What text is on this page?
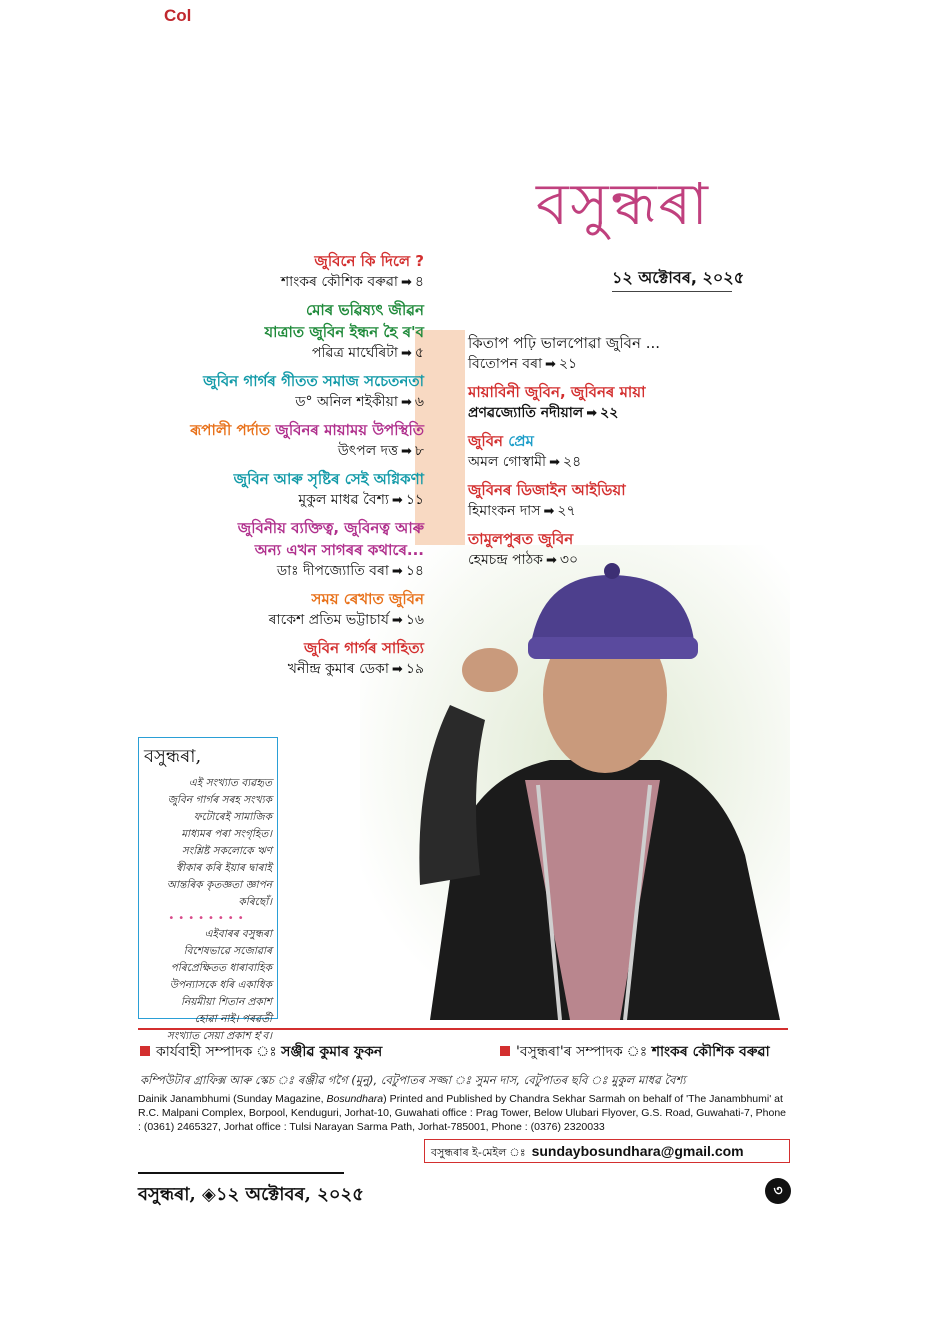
Col
বসুন্ধৰা
১২ অক্টোবৰ, ২০২৫
জুবিনে কি দিলে ?
শাংকৰ কৌশিক বৰুৱা ➡ ৪
মোৰ ভৱিষ্যৎ জীৱন
যাত্ৰাত জুবিন ইন্ধন হৈ ৰ'ব
পৱিত্ৰ মাৰ্ঘেৰিটা ➡ ৫
জুবিন গাৰ্গৰ গীতত সমাজ সচেতনতা
ড° অনিল শইকীয়া ➡ ৬
ৰূপালী পৰ্দাত জুবিনৰ মায়াময় উপস্থিতি
উৎপল দত্ত ➡ ৮
জুবিন আৰু সৃষ্টিৰ সেই অগ্নিকণা
মুকুল মাধৱ বৈশ্য ➡ ১১
জুবিনীয় ব্যক্তিত্ব, জুবিনত্ব আৰু
অন্য এখন সাগৰৰ কথাৰে...
ডাঃ দীপজ্যোতি বৰা ➡ ১৪
সময় ৰেখাত জুবিন
ৰাকেশ প্ৰতিম ভট্টাচাৰ্য ➡ ১৬
জুবিন গাৰ্গৰ সাহিত্য
খনীন্দ্ৰ কুমাৰ ডেকা ➡ ১৯
কিতাপ পঢ়ি ভালপোৱা জুবিন ...
বিতোপন বৰা ➡ ২১
মায়াবিনী জুবিন, জুবিনৰ মায়া
প্ৰণৱজ্যোতি নদীয়াল ➡ ২২
জুবিন প্ৰেম
অমল গোস্বামী ➡ ২৪
জুবিনৰ ডিজাইন আইডিয়া
হিমাংকন দাস ➡ ২৭
তামুলপুৰত জুবিন
হেমচন্দ্ৰ পাঠক ➡ ৩০
বসুন্ধৰা,
এই সংখ্যাত ব্যৱহৃত
জুবিন গাৰ্গৰ সৰহ সংখ্যক
ফটোৰেই সামাজিক
মাধ্যমৰ পৰা সংগৃহিত।
সংশ্লিষ্ট সকলোকে ঋণ
স্বীকাৰ কৰি ইয়াৰ দ্বাৰাই
আন্তৰিক কৃতজ্ঞতা জ্ঞাপন
কৰিছোঁ।
••••••••
এইবাৰৰ বসুন্ধৰা
বিশেষভাৱে সজোৱাৰ
পৰিপ্ৰেক্ষিতত ধাৰাবাহিক
উপন্যাসকে ধৰি একাধিক
নিয়মীয়া শিতান প্ৰকাশ
হোৱা নাই। পৰৱৰ্তী
সংখ্যাত সেয়া প্ৰকাশ হ'ব।
কাৰ্যবাহী সম্পাদক ঃ সঞ্জীৱ কুমাৰ ফুকন	'বসুন্ধৰা'ৰ সম্পাদক ঃ শাংকৰ কৌশিক বৰুৱা
কম্পিউটাৰ গ্ৰাফিক্স আৰু স্কেচ ঃ ৰঞ্জীৱ গগৈ (মুনু), বেটুপাতৰ সজ্জা ঃ সুমন দাস, বেটুপাতৰ ছবি ঃ মুকুল মাধৱ বৈশ্য
Dainik Janambhumi (Sunday Magazine, Bosundhara) Printed and Published by Chandra Sekhar Sarmah on behalf of 'The Janambhumi' at R.C. Malpani Complex, Borpool, Kenduguri, Jorhat-10, Guwahati office : Prag Tower, Below Ulubari Flyover, G.S. Road, Guwahati-7, Phone : (0361) 2465327, Jorhat office : Tulsi Narayan Sarma Path, Jorhat-785001, Phone : (0376) 2320033
বসুন্ধৰাৰ ই-মেইল ঃ sundaybosundhara@gmail.com
বসুন্ধৰা, ◈১২ অক্টোবৰ, ২০২৫	৩
